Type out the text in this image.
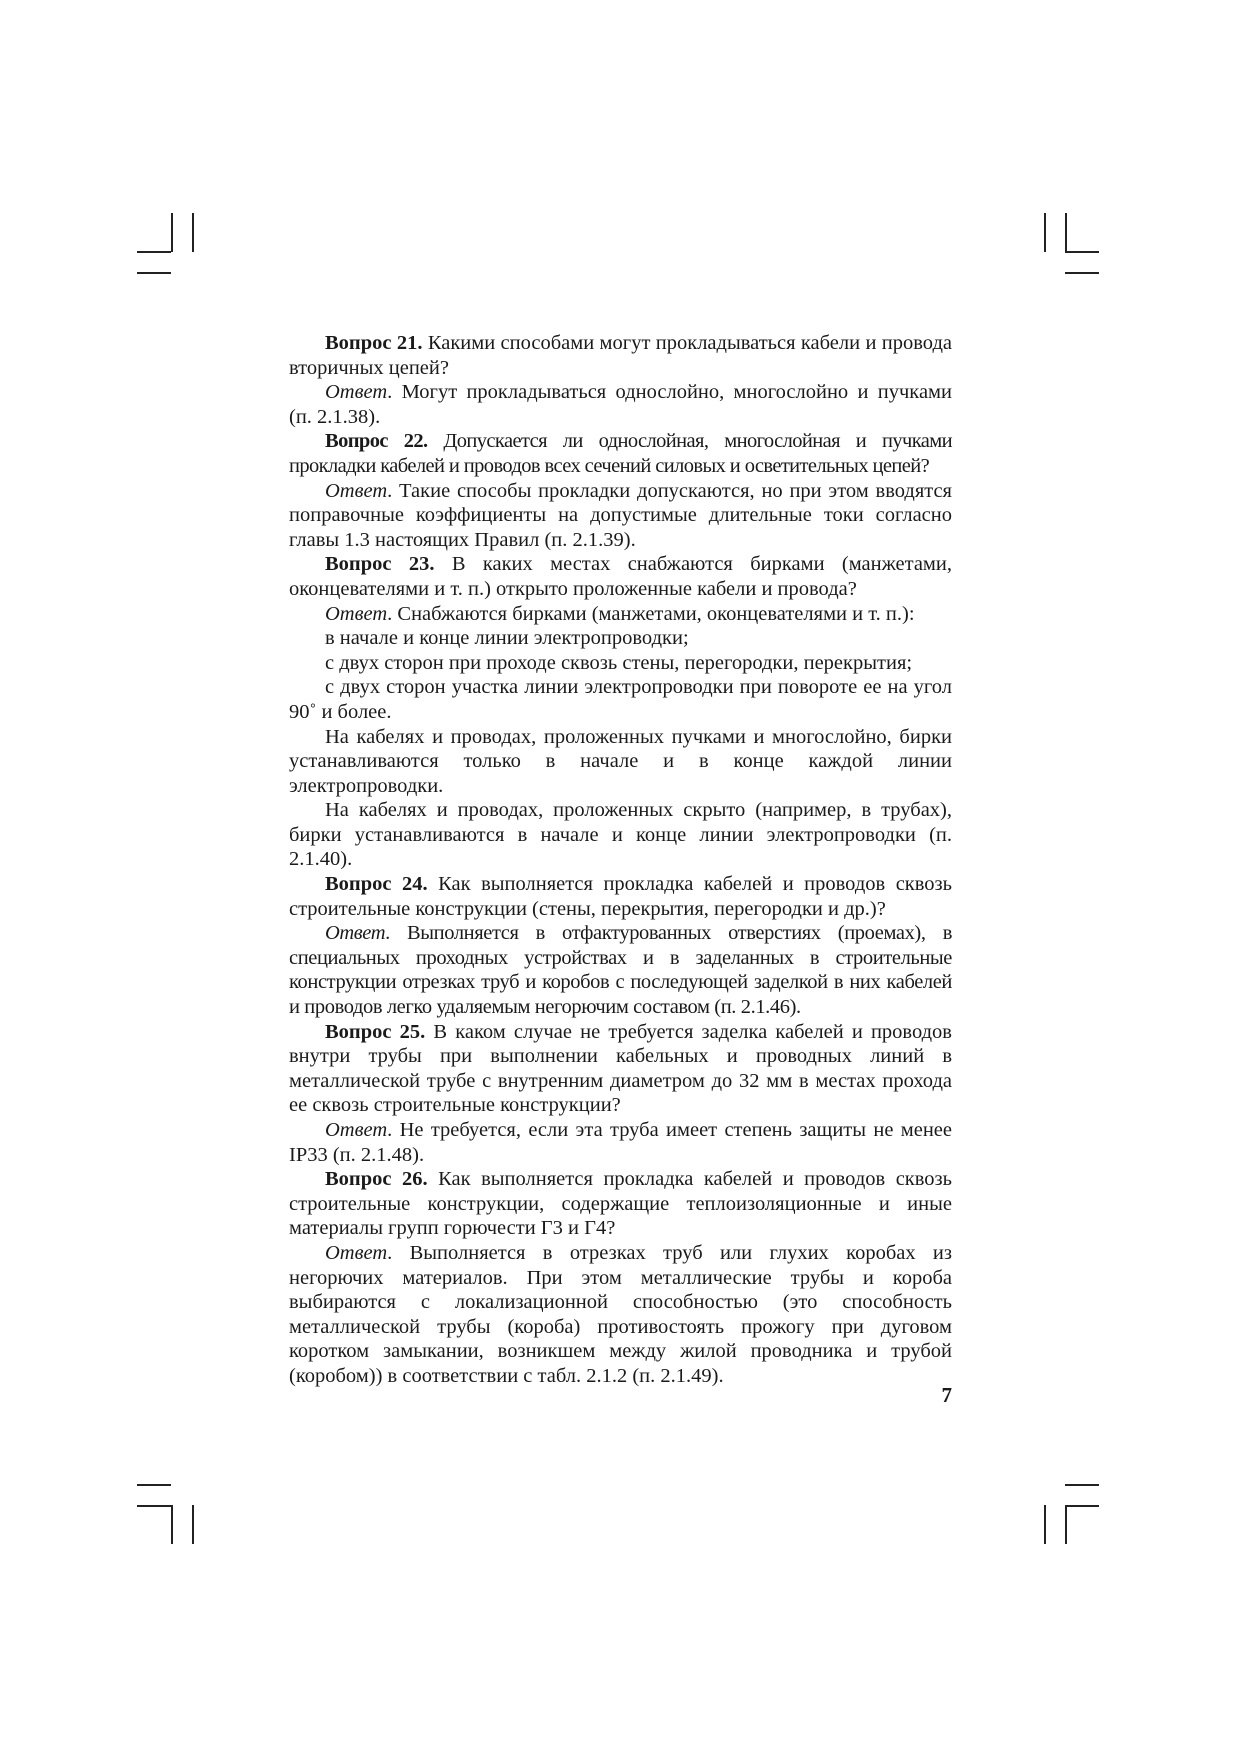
Вопрос 21. Какими способами могут прокладываться кабели и провода вторичных цепей?

Ответ. Могут прокладываться однослойно, многослойно и пучками (п. 2.1.38).

Вопрос 22. Допускается ли однослойная, многослойная и пучками прокладки кабелей и проводов всех сечений силовых и осветительных цепей?

Ответ. Такие способы прокладки допускаются, но при этом вводятся поправочные коэффициенты на допустимые длительные токи согласно главы 1.3 настоящих Правил (п. 2.1.39).

Вопрос 23. В каких местах снабжаются бирками (манжетами, оконцевателями и т. п.) открыто проложенные кабели и провода?

Ответ. Снабжаются бирками (манжетами, оконцевателями и т. п.):

в начале и конце линии электропроводки;

с двух сторон при проходе сквозь стены, перегородки, перекрытия;

с двух сторон участка линии электропроводки при повороте ее на угол 90˚ и более.

На кабелях и проводах, проложенных пучками и многослойно, бирки устанавливаются только в начале и в конце каждой линии электропроводки.

На кабелях и проводах, проложенных скрыто (например, в трубах), бирки устанавливаются в начале и конце линии электропроводки (п. 2.1.40).

Вопрос 24. Как выполняется прокладка кабелей и проводов сквозь строительные конструкции (стены, перекрытия, перегородки и др.)?

Ответ. Выполняется в отфактурованных отверстиях (проемах), в специальных проходных устройствах и в заделанных в строительные конструкции отрезках труб и коробов с последующей заделкой в них кабелей и проводов легко удаляемым негорючим составом (п. 2.1.46).

Вопрос 25. В каком случае не требуется заделка кабелей и проводов внутри трубы при выполнении кабельных и проводных линий в металлической трубе с внутренним диаметром до 32 мм в местах прохода ее сквозь строительные конструкции?

Ответ. Не требуется, если эта труба имеет степень защиты не менее IP33 (п. 2.1.48).

Вопрос 26. Как выполняется прокладка кабелей и проводов сквозь строительные конструкции, содержащие теплоизоляционные и иные материалы групп горючести Г3 и Г4?

Ответ. Выполняется в отрезках труб или глухих коробах из негорючих материалов. При этом металлические трубы и короба выбираются с локализационной способностью (это способность металлической трубы (короба) противостоять прожогу при дуговом коротком замыкании, возникшем между жилой проводника и трубой (коробом)) в соответствии с табл. 2.1.2 (п. 2.1.49).

7
